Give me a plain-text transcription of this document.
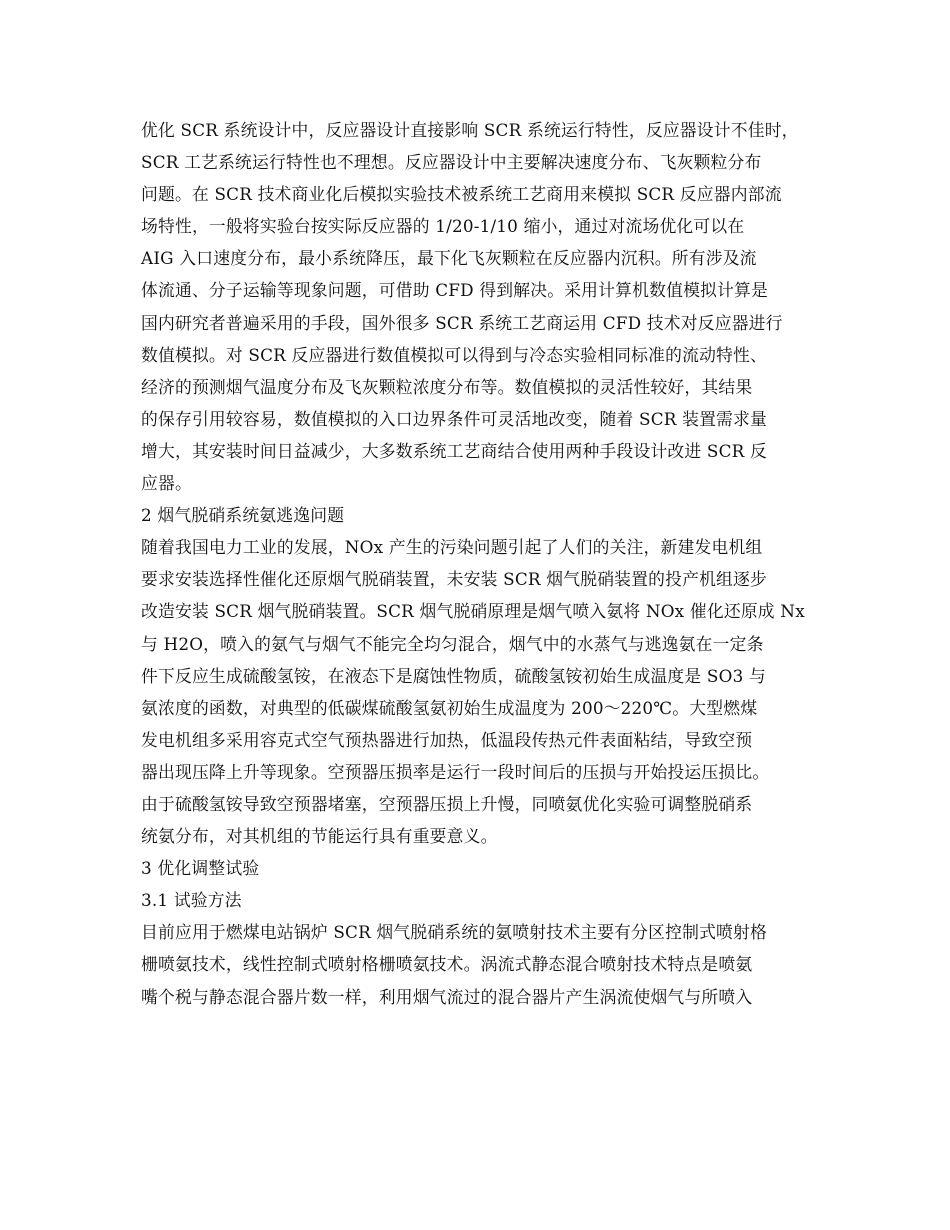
优化 SCR 系统设计中，反应器设计直接影响 SCR 系统运行特性，反应器设计不佳时，
SCR 工艺系统运行特性也不理想。反应器设计中主要解决速度分布、飞灰颗粒分布
问题。在 SCR 技术商业化后模拟实验技术被系统工艺商用来模拟 SCR 反应器内部流
场特性，一般将实验台按实际反应器的 1/20-1/10 缩小，通过对流场优化可以在
AIG 入口速度分布，最小系统降压，最下化飞灰颗粒在反应器内沉积。所有涉及流
体流通、分子运输等现象问题，可借助 CFD 得到解决。采用计算机数值模拟计算是
国内研究者普遍采用的手段，国外很多 SCR 系统工艺商运用 CFD 技术对反应器进行
数值模拟。对 SCR 反应器进行数值模拟可以得到与冷态实验相同标准的流动特性、
经济的预测烟气温度分布及飞灰颗粒浓度分布等。数值模拟的灵活性较好，其结果
的保存引用较容易，数值模拟的入口边界条件可灵活地改变，随着 SCR 装置需求量
增大，其安装时间日益减少，大多数系统工艺商结合使用两种手段设计改进 SCR 反
应器。
2 烟气脱硝系统氨逃逸问题
随着我国电力工业的发展，NOx 产生的污染问题引起了人们的关注，新建发电机组
要求安装选择性催化还原烟气脱硝装置，未安装 SCR 烟气脱硝装置的投产机组逐步
改造安装 SCR 烟气脱硝装置。SCR 烟气脱硝原理是烟气喷入氨将 NOx 催化还原成 Nx
与 H2O，喷入的氨气与烟气不能完全均匀混合，烟气中的水蒸气与逃逸氨在一定条
件下反应生成硫酸氢铵，在液态下是腐蚀性物质，硫酸氢铵初始生成温度是 SO3 与
氨浓度的函数，对典型的低碳煤硫酸氢氨初始生成温度为 200～220℃。大型燃煤
发电机组多采用容克式空气预热器进行加热，低温段传热元件表面粘结，导致空预
器出现压降上升等现象。空预器压损率是运行一段时间后的压损与开始投运压损比。
由于硫酸氢铵导致空预器堵塞，空预器压损上升慢，同喷氨优化实验可调整脱硝系
统氨分布，对其机组的节能运行具有重要意义。
3 优化调整试验
3.1 试验方法
目前应用于燃煤电站锅炉 SCR 烟气脱硝系统的氨喷射技术主要有分区控制式喷射格
栅喷氨技术，线性控制式喷射格栅喷氨技术。涡流式静态混合喷射技术特点是喷氨
嘴个税与静态混合器片数一样，利用烟气流过的混合器片产生涡流使烟气与所喷入
